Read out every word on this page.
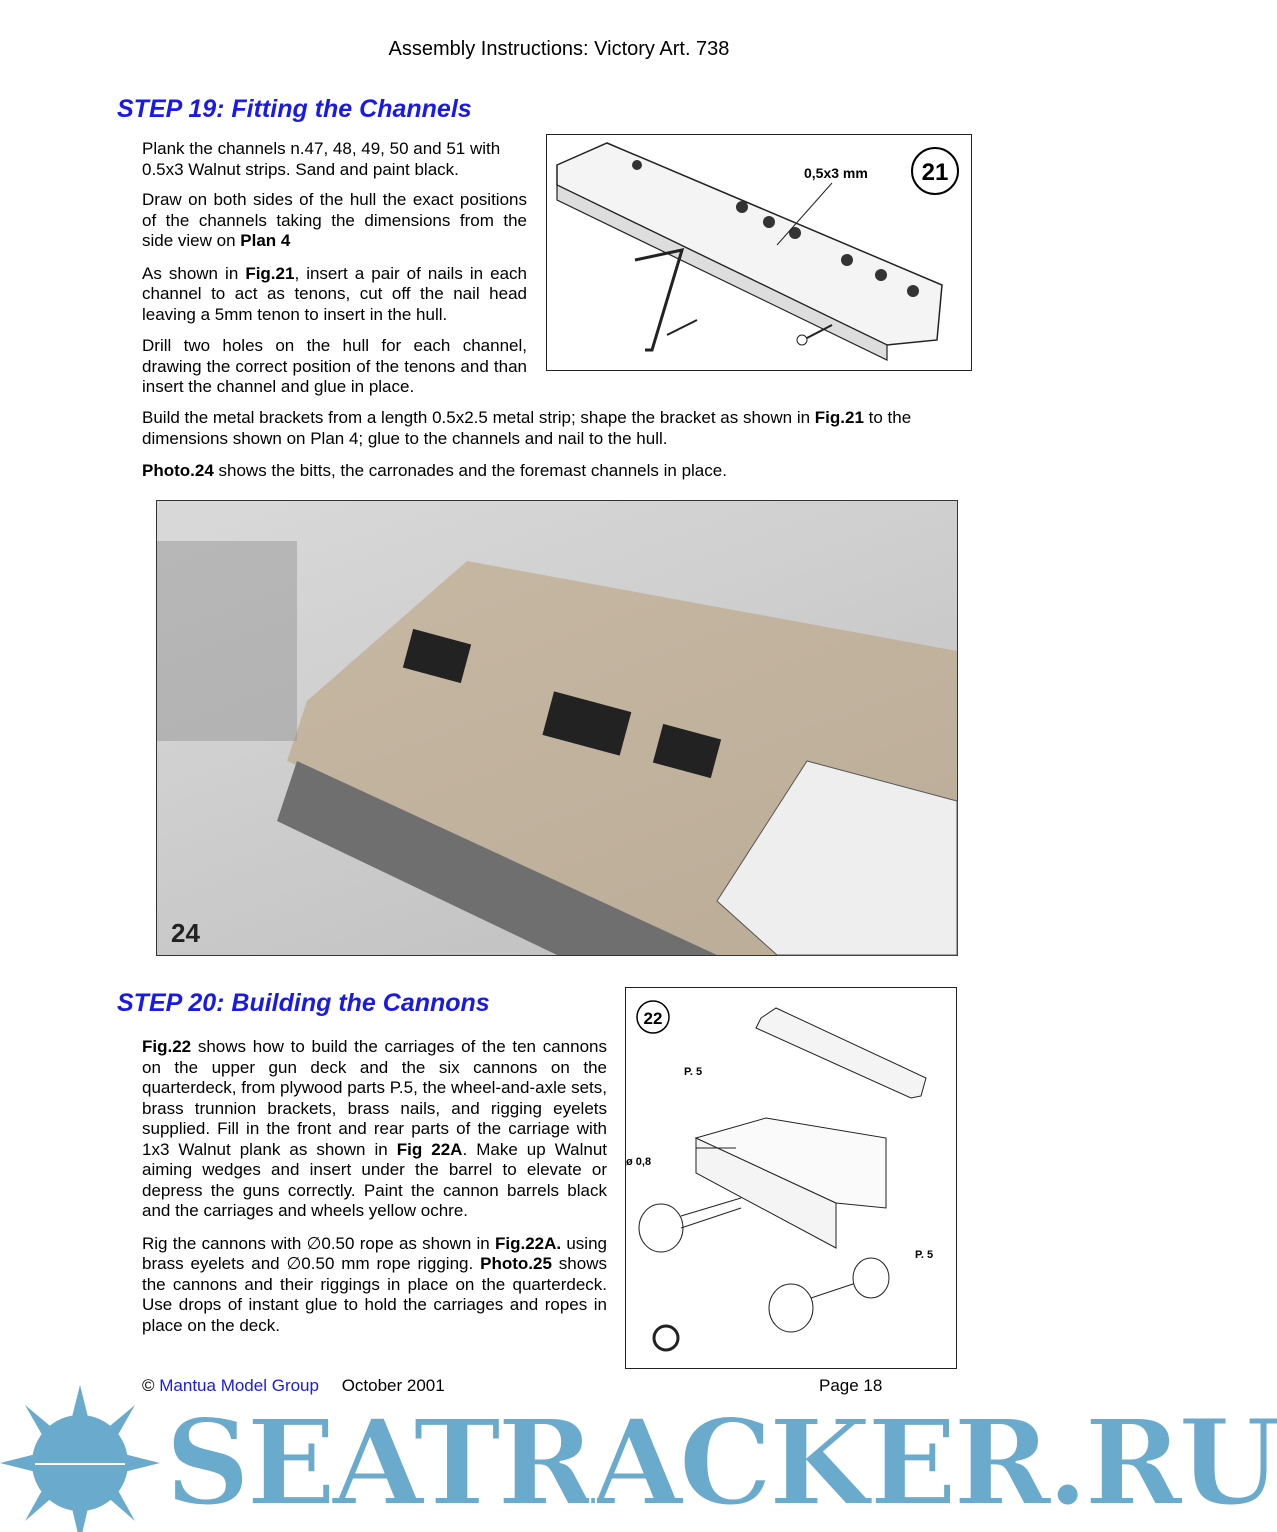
Assembly Instructions: Victory Art. 738
STEP 19: Fitting the Channels

Plank the channels n.47, 48, 49, 50 and 51 with 0.5x3 Walnut strips. Sand and paint black.

Draw on both sides of the hull the exact positions of the channels taking the dimensions from the side view on Plan 4

As shown in Fig.21, insert a pair of nails in each channel to act as tenons, cut off the nail head leaving a 5mm tenon to insert in the hull.

Drill two holes on the hull for each channel, drawing the correct position of the tenons and than insert the channel and glue in place.

0,5x3 mm 21

Build the metal brackets from a length 0.5x2.5 metal strip; shape the bracket as shown in Fig.21 to the dimensions shown on Plan 4; glue to the channels and nail to the hull.

Photo.24 shows the bitts, the carronades and the foremast channels in place.

24
STEP 20: Building the Cannons

Fig.22 shows how to build the carriages of the ten cannons on the upper gun deck and the six cannons on the quarterdeck, from plywood parts P.5, the wheel-and-axle sets, brass trunnion brackets, brass nails, and rigging eyelets supplied. Fill in the front and rear parts of the carriage with 1x3 Walnut plank as shown in Fig 22A. Make up Walnut aiming wedges and insert under the barrel to elevate or depress the guns correctly. Paint the cannon barrels black and the carriages and wheels yellow ochre.

Rig the cannons with ∅0.50 rope as shown in Fig.22A. using brass eyelets and ∅0.50 mm rope rigging. Photo.25 shows the cannons and their riggings in place on the quarterdeck. Use drops of instant glue to hold the carriages and ropes in place on the deck.

22
P. 5
P. 5
ø 0,8
© Mantua Model Group October 2001	Page 18
SEATRACKER.RU
